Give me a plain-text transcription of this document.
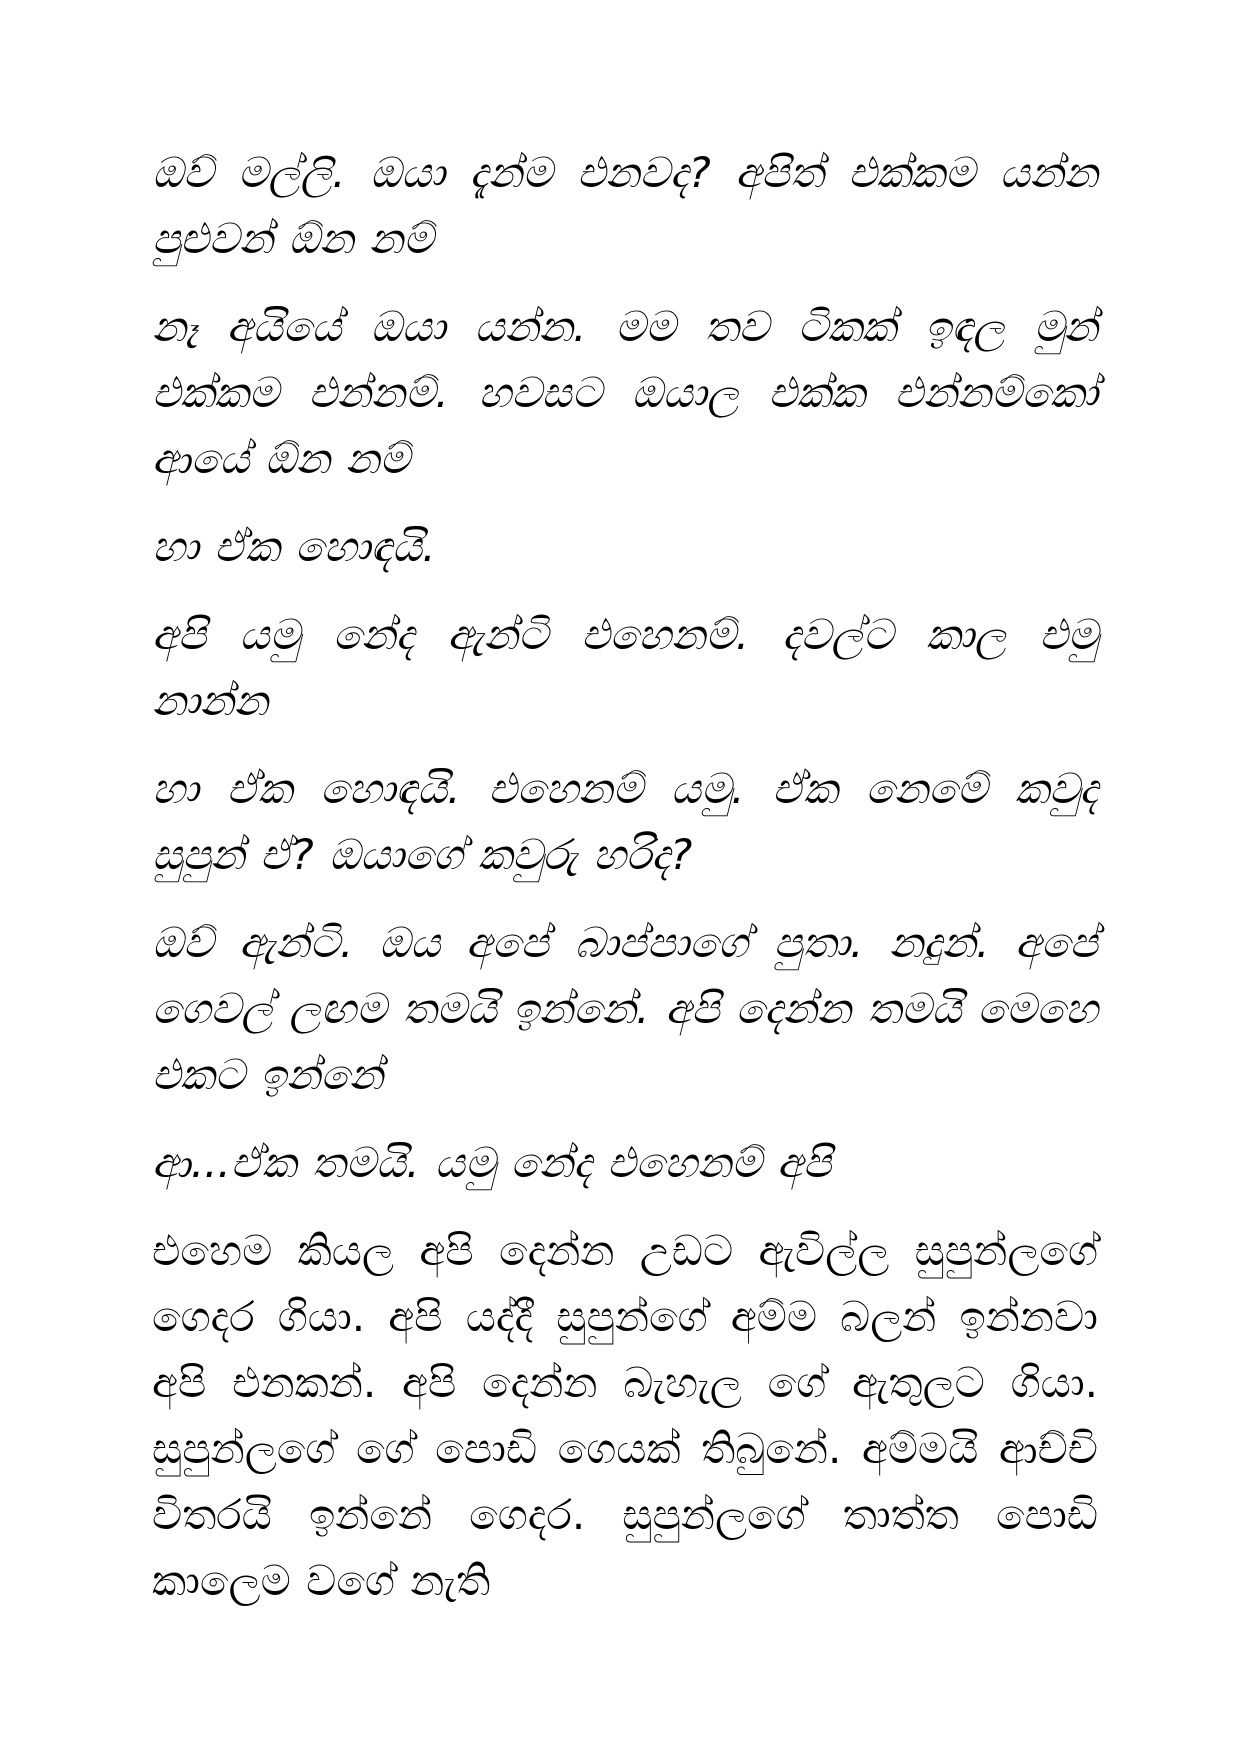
ඔව් මල්ලි. ඔයා දැන්ම එනවද? අපිත් එක්කම යන්න පුළුවන් ඕන නම්

නෑ අයියේ ඔයා යන්න. මම තව ටිකක් ඉඳල මුන් එක්කම එන්නම්. හවසට ඔයාල එක්ක එන්නම්කෝ ආයේ ඕන නම්

හා ඒක හොඳයි.

අපි යමු නේද ඇන්ටි එහෙනම්. දවල්ට කාල එමු නාන්න

හා ඒක හොඳයි. එහෙනම් යමු. ඒක නෙමේ කවුද සුපුන් ඒ? ඔයාගේ කවුරු හරිද?

ඔව් ඇන්ටි. ඔය අපේ බාප්පාගේ පුතා. නදුන්. අපේ ගෙවල් ලඟම තමයි ඉන්නේ. අපි දෙන්න තමයි මෙහෙ එකට ඉන්නේ

ආ...ඒක තමයි. යමු නේද එහෙනම් අපි

එහෙම කියල අපි දෙන්න උඩට ඇවිල්ල සුපුන්ලගේ ගෙදර ගියා. අපි යද්දී සුපුන්ගේ අම්ම බලන් ඉන්නවා අපි එනකන්. අපි දෙන්න බැහැල ගේ ඇතුලට ගියා. සුපුන්ලගේ ගේ පොඩි ගෙයක් තිබුනේ. අම්මයි ආච්චි විතරයි ඉන්නේ ගෙදර. සුපුන්ලගේ තාත්ත පොඩි කාලෙම වගේ නැති
